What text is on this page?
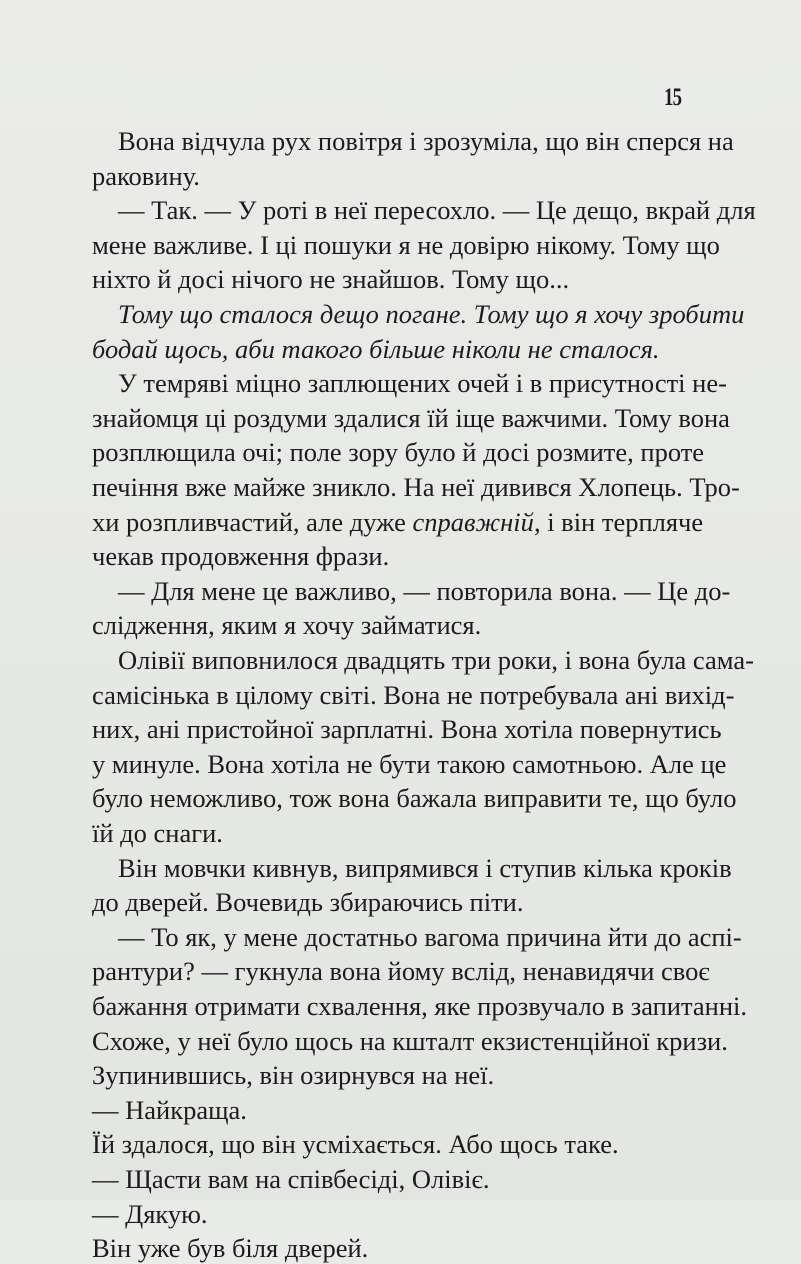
15
Вона відчула рух повітря і зрозуміла, що він сперся на
раковину.
— Так. — У роті в неї пересохло. — Це дещо, вкрай для
мене важливе. І ці пошуки я не довірю нікому. Тому що
ніхто й досі нічого не знайшов. Тому що...
Тому що сталося дещо погане. Тому що я хочу зробити
бодай щось, аби такого більше ніколи не сталося.
У темряві міцно заплющених очей і в присутності не-
знайомця ці роздуми здалися їй іще важчими. Тому вона
розплющила очі; поле зору було й досі розмите, проте
печіння вже майже зникло. На неї дивився Хлопець. Тро-
хи розпливчастий, але дуже справжній, і він терпляче
чекав продовження фрази.
— Для мене це важливо, — повторила вона. — Це до-
слідження, яким я хочу займатися.
Олівії виповнилося двадцять три роки, і вона була сама-
самісінька в цілому світі. Вона не потребувала ані вихід-
них, ані пристойної зарплатні. Вона хотіла повернутись
у минуле. Вона хотіла не бути такою самотньою. Але це
було неможливо, тож вона бажала виправити те, що було
їй до снаги.
Він мовчки кивнув, випрямився і ступив кілька кроків
до дверей. Вочевидь збираючись піти.
— То як, у мене достатньо вагома причина йти до аспі-
рантури? — гукнула вона йому вслід, ненавидячи своє
бажання отримати схвалення, яке прозвучало в запитанні.
Схоже, у неї було щось на кшталт екзистенційної кризи.
Зупинившись, він озирнувся на неї.
— Найкраща.
Їй здалося, що він усміхається. Або щось таке.
— Щасти вам на співбесіді, Олівіє.
— Дякую.
Він уже був біля дверей.
